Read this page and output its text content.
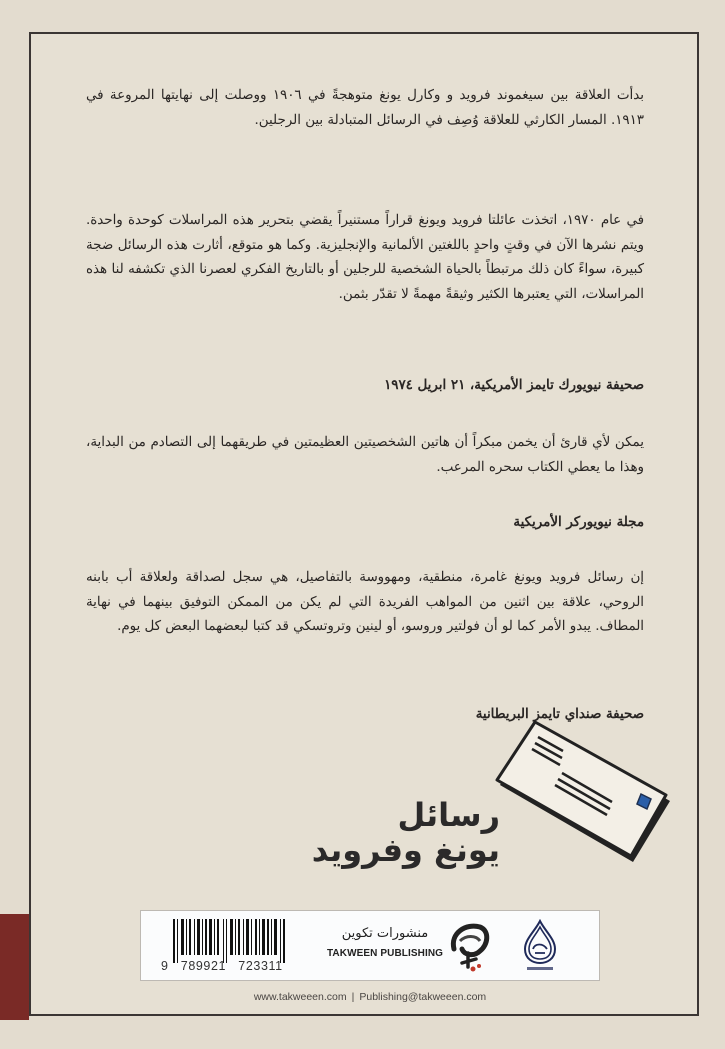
بدأت العلاقة بين سيغموند فرويد و وكارل يونغ متوهجةً في ١٩٠٦ ووصلت إلى نهايتها المروعة في ١٩١٣. المسار الكارثي للعلاقة وُصِف في الرسائل المتبادلة بين الرجلين.

في عام ١٩٧٠، اتخذت عائلتا فرويد ويونغ قراراً مستنيراً يقضي بتحرير هذه المراسلات كوحدة واحدة. ويتم نشرها الآن في وقتٍ واحدٍ باللغتين الألمانية والإنجليزية. وكما هو متوقع، أثارت هذه الرسائل ضجة كبيرة، سواءً كان ذلك مرتبطاً بالحياة الشخصية للرجلين أو بالتاريخ الفكري لعصرنا الذي تكشفه لنا هذه المراسلات، التي يعتبرها الكثير وثيقةً مهمةً لا تقدّر بثمن.

صحيفة نيويورك تايمز الأمريكية، ٢١ ابريل ١٩٧٤

يمكن لأي قارئ أن يخمن مبكراً أن هاتين الشخصيتين العظيمتين في طريقهما إلى التصادم من البداية، وهذا ما يعطي الكتاب سحره المرعب.

مجلة نيويوركر الأمريكية

إن رسائل فرويد ويونغ غامرة، منطقية، ومهووسة بالتفاصيل، هي سجل لصداقة ولعلاقة أب بابنه الروحي، علاقة بين اثنين من المواهب الفريدة التي لم يكن من الممكن التوفيق بينهما في نهاية المطاف. يبدو الأمر كما لو أن فولتير وروسو، أو لينين وتروتسكي قد كتبا لبعضهما البعض كل يوم.

صحيفة صنداي تايمز البريطانية
رسائل
يونغ وفرويد
9   789921   723311
منشورات تكوين
TAKWEEN PUBLISHING
www.takweeen.com | Publishing@takweeen.com
